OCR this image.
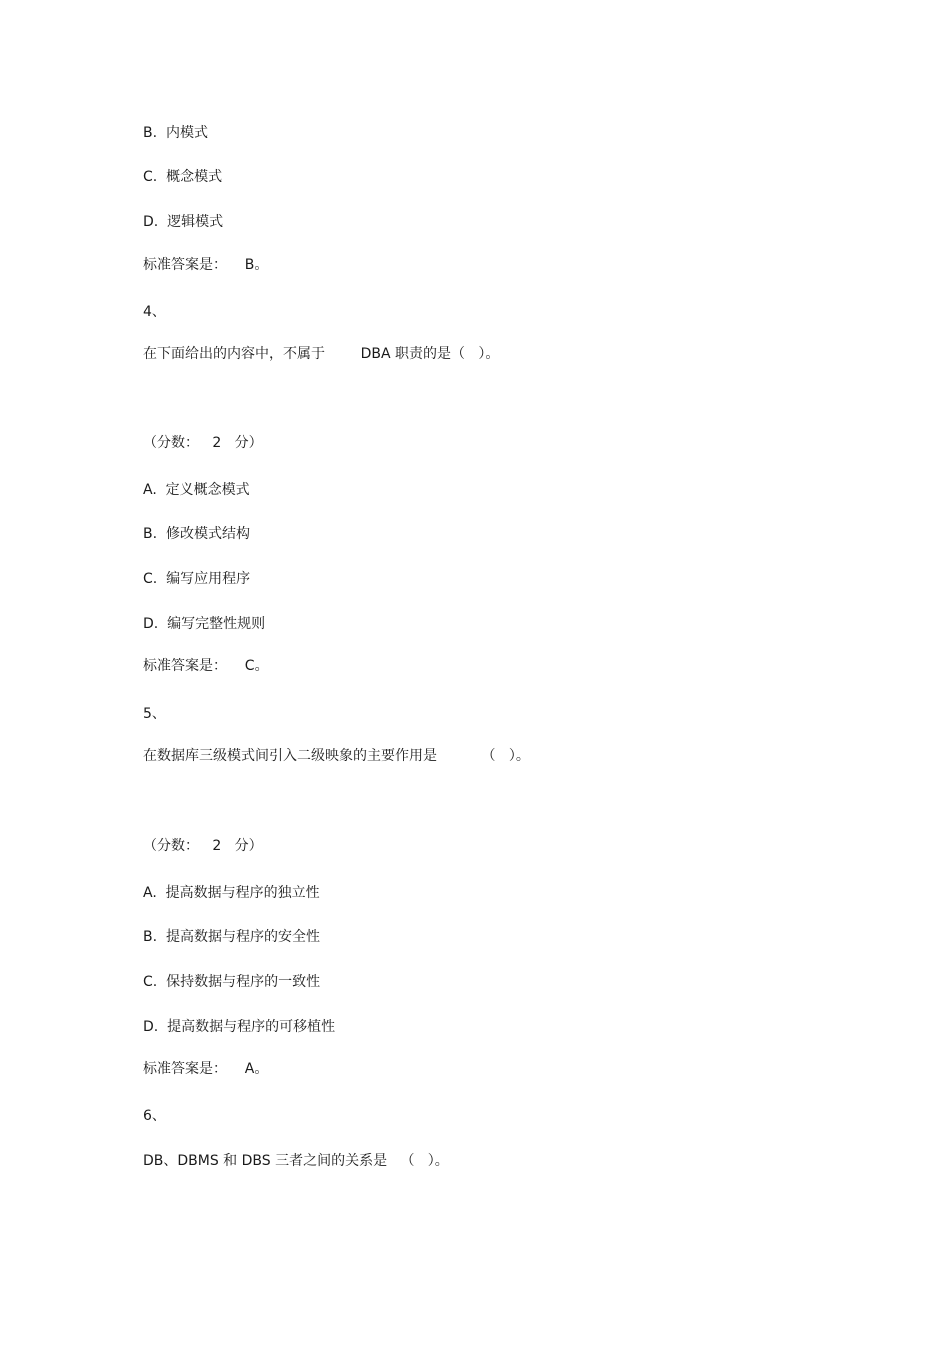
B.  内模式
C.  概念模式
D.  逻辑模式
标准答案是：    B。
4、
在下面给出的内容中，不属于        DBA 职责的是（   ）。
（分数：   2   分）
A.  定义概念模式
B.  修改模式结构
C.  编写应用程序
D.  编写完整性规则
标准答案是：    C。
5、
在数据库三级模式间引入二级映象的主要作用是          （   ）。
（分数：   2   分）
A.  提高数据与程序的独立性
B.  提高数据与程序的安全性
C.  保持数据与程序的一致性
D.  提高数据与程序的可移植性
标准答案是：    A。
6、
DB、DBMS 和 DBS 三者之间的关系是   （   ）。
